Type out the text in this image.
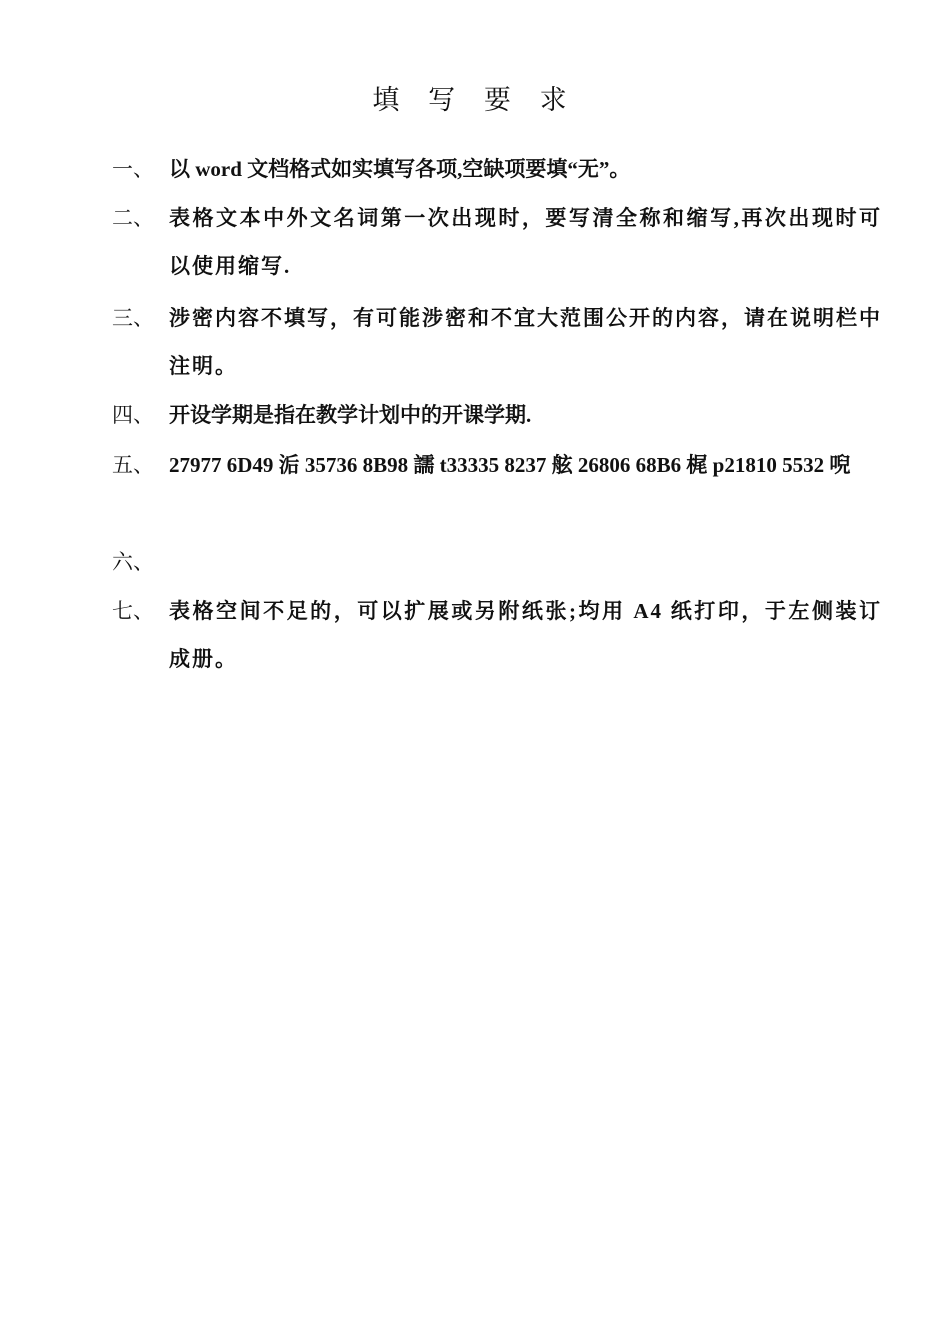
填 写 要 求
一、 以 word 文档格式如实填写各项,空缺项要填“无”。
二、 表格文本中外文名词第一次出现时，要写清全称和缩写,再次出现时可以使用缩写.
三、 涉密内容不填写，有可能涉密和不宜大范围公开的内容，请在说明栏中注明。
四、 开设学期是指在教学计划中的开课学期.
五、 27977 6D49 洉 35736 8B98 譳 t33335 8237 舷 26806 68B6 梶 p21810 5532 唲
六、
七、 表格空间不足的，可以扩展或另附纸张;均用 A4 纸打印，于左侧装订成册。
